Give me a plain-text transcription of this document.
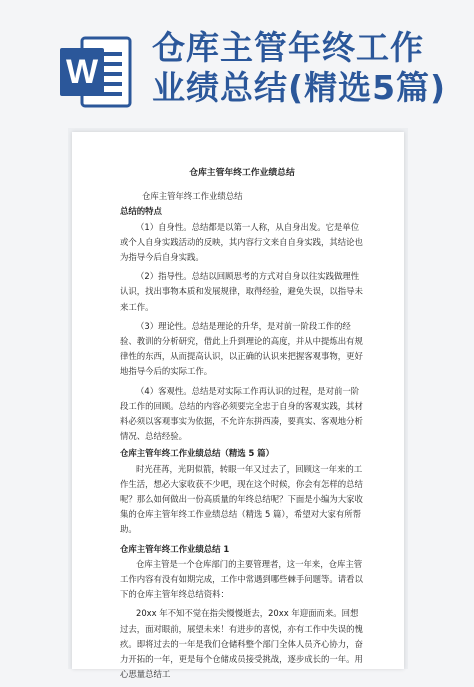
W
仓库主管年终工作
业绩总结(精选5篇)
仓库主管年终工作业绩总结
仓库主管年终工作业绩总结
总结的特点

（1）自身性。总结都是以第一人称，从自身出发。它是单位或个人自身实践活动的反映，其内容行文来自自身实践，其结论也为指导今后自身实践。

（2）指导性。总结以回顾思考的方式对自身以往实践做理性认识，找出事物本质和发展规律，取得经验，避免失误，以指导未来工作。

（3）理论性。总结是理论的升华，是对前一阶段工作的经验、教训的分析研究，借此上升到理论的高度，并从中提炼出有规律性的东西，从而提高认识，以正确的认识来把握客观事物，更好地指导今后的实际工作。

（4）客观性。总结是对实际工作再认识的过程，是对前一阶段工作的回顾。总结的内容必须要完全忠于自身的客观实践，其材料必须以客观事实为依据，不允许东拼西凑，要真实、客观地分析情况、总结经验。

仓库主管年终工作业绩总结（精选 5 篇）

时光荏苒，光阴似箭，转眼一年又过去了，回顾这一年来的工作生活，想必大家收获不少吧，现在这个时候，你会有怎样的总结呢？那么如何做出一份高质量的年终总结呢？下面是小编为大家收集的仓库主管年终工作业绩总结（精选 5 篇），希望对大家有所帮助。

仓库主管年终工作业绩总结 1

仓库主管是一个仓库部门的主要管理者，这一年来，仓库主管工作内容有没有如期完成，工作中常遇到哪些棘手问题等。请看以下的仓库主管年终总结资料：

20xx 年不知不觉在指尖慢慢逝去，20xx 年迎面而来。回想过去，面对眼前，展望未来！有进步的喜悦，亦有工作中失误的愧疚。即将过去的一年是我们仓储科整个部门全体人员齐心协力，奋力开拓的一年，更是每个仓储成员接受挑战，逐步成长的一年。用心思量总结工
